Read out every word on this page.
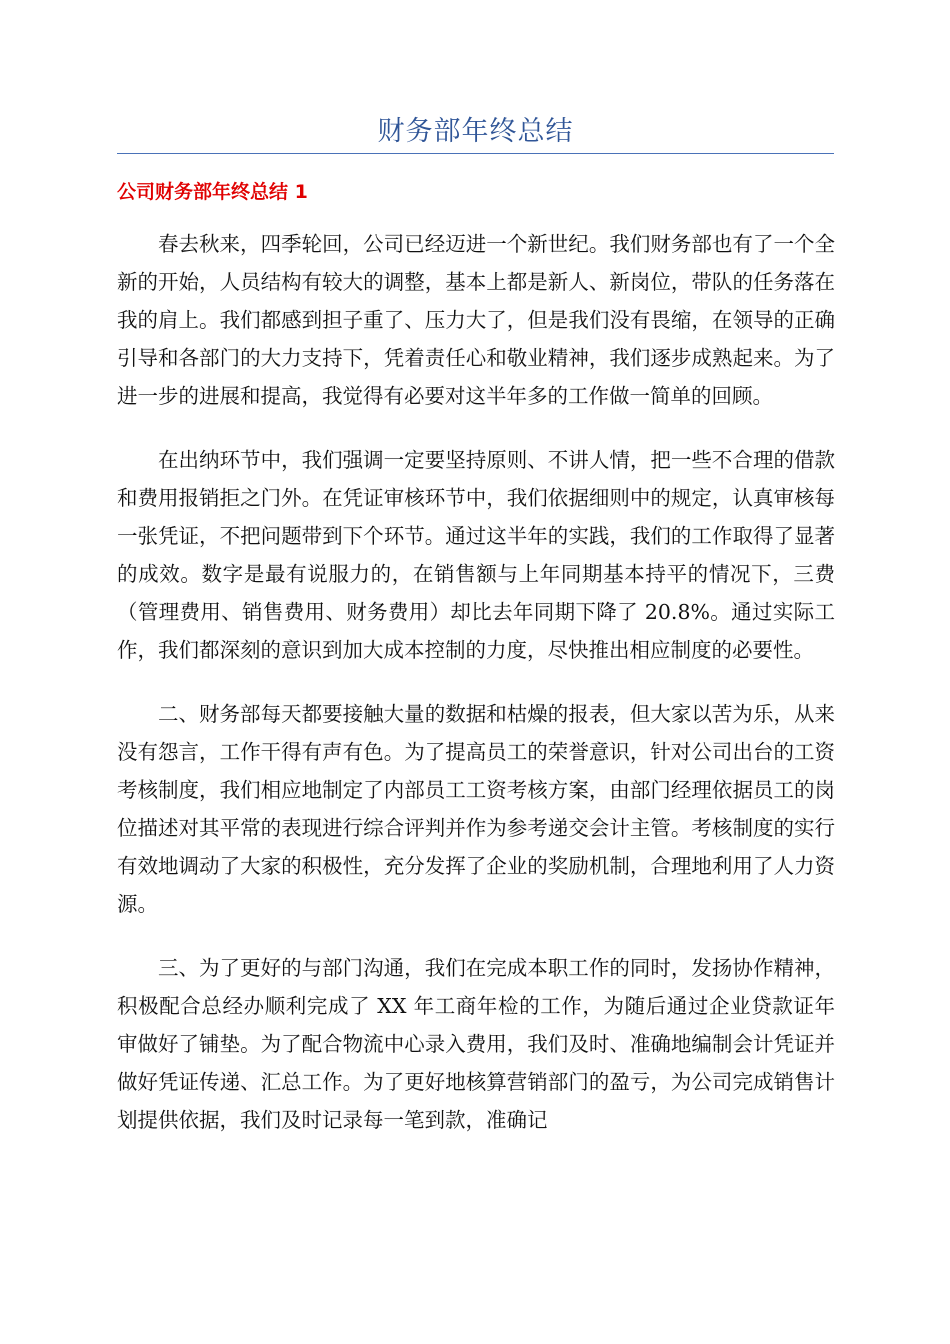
财务部年终总结
公司财务部年终总结 1

春去秋来，四季轮回，公司已经迈进一个新世纪。我们财务部也有了一个全新的开始，人员结构有较大的调整，基本上都是新人、新岗位，带队的任务落在我的肩上。我们都感到担子重了、压力大了，但是我们没有畏缩，在领导的正确引导和各部门的大力支持下，凭着责任心和敬业精神，我们逐步成熟起来。为了进一步的进展和提高，我觉得有必要对这半年多的工作做一简单的回顾。

在出纳环节中，我们强调一定要坚持原则、不讲人情，把一些不合理的借款和费用报销拒之门外。在凭证审核环节中，我们依据细则中的规定，认真审核每一张凭证，不把问题带到下个环节。通过这半年的实践，我们的工作取得了显著的成效。数字是最有说服力的，在销售额与上年同期基本持平的情况下，三费（管理费用、销售费用、财务费用）却比去年同期下降了 20.8%。通过实际工作，我们都深刻的意识到加大成本控制的力度，尽快推出相应制度的必要性。

二、财务部每天都要接触大量的数据和枯燥的报表，但大家以苦为乐，从来没有怨言，工作干得有声有色。为了提高员工的荣誉意识，针对公司出台的工资考核制度，我们相应地制定了内部员工工资考核方案，由部门经理依据员工的岗位描述对其平常的表现进行综合评判并作为参考递交会计主管。考核制度的实行有效地调动了大家的积极性，充分发挥了企业的奖励机制，合理地利用了人力资源。

三、为了更好的与部门沟通，我们在完成本职工作的同时，发扬协作精神，积极配合总经办顺利完成了 XX 年工商年检的工作，为随后通过企业贷款证年审做好了铺垫。为了配合物流中心录入费用，我们及时、准确地编制会计凭证并做好凭证传递、汇总工作。为了更好地核算营销部门的盈亏，为公司完成销售计划提供依据，我们及时记录每一笔到款，准确记
